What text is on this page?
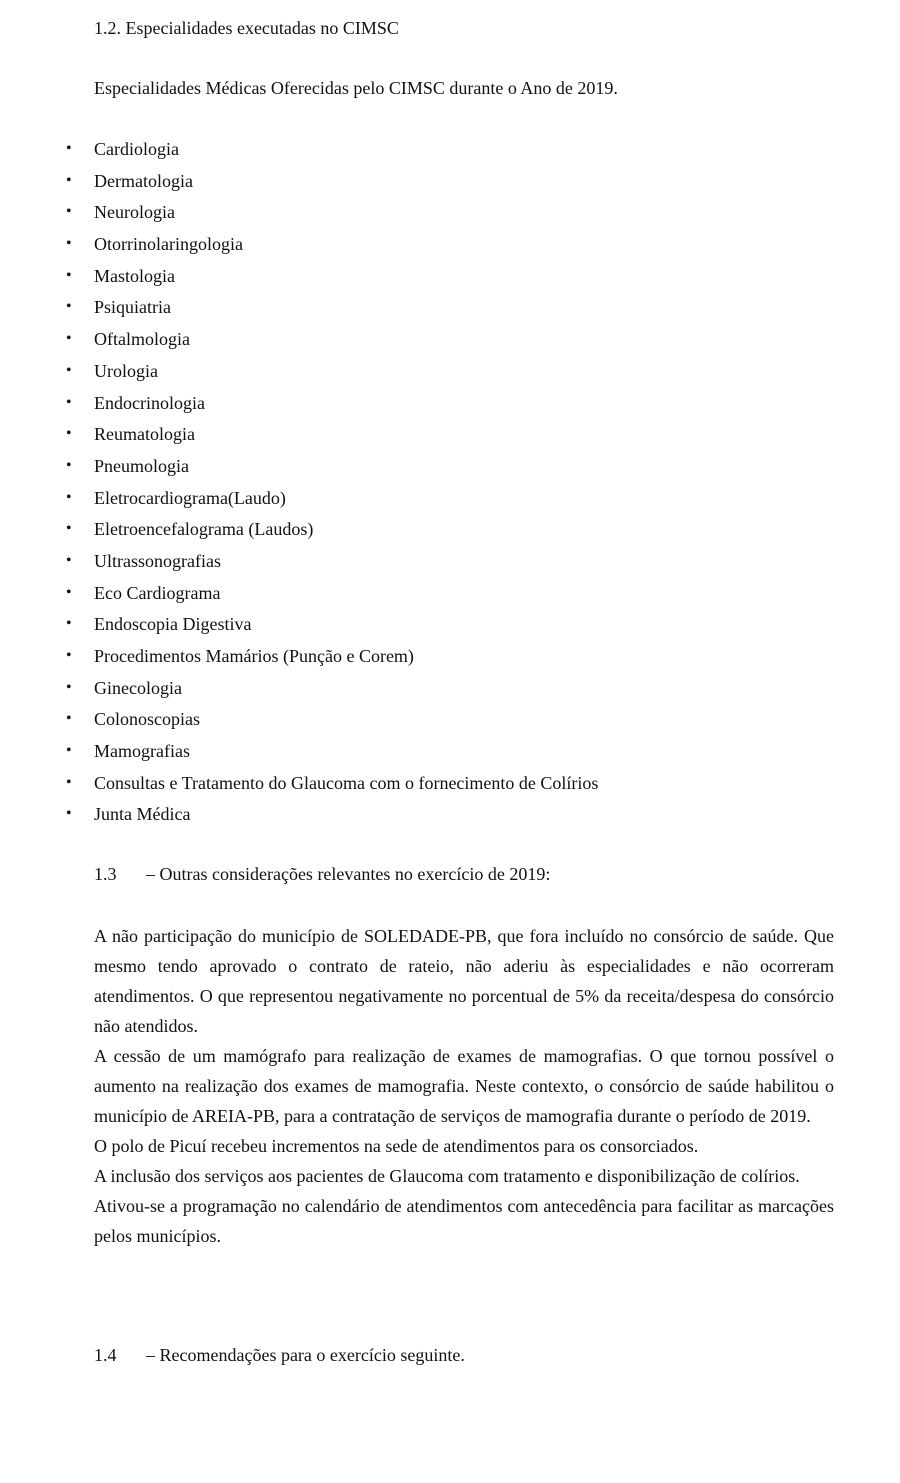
1.2. Especialidades executadas no CIMSC
Especialidades Médicas Oferecidas pelo CIMSC durante o Ano de 2019.
• Cardiologia
• Dermatologia
• Neurologia
• Otorrinolaringologia
• Mastologia
• Psiquiatria
• Oftalmologia
• Urologia
• Endocrinologia
• Reumatologia
• Pneumologia
• Eletrocardiograma(Laudo)
• Eletroencefalograma (Laudos)
• Ultrassonografias
• Eco Cardiograma
• Endoscopia Digestiva
• Procedimentos Mamários (Punção e Corem)
• Ginecologia
• Colonoscopias
• Mamografias
• Consultas e Tratamento do Glaucoma com o fornecimento de Colírios
• Junta Médica
1.3 – Outras considerações relevantes no exercício de 2019:

A não participação do município de SOLEDADE-PB, que fora incluído no consórcio de saúde. Que mesmo tendo aprovado o contrato de rateio, não aderiu às especialidades e não ocorreram atendimentos. O que representou negativamente no porcentual de 5% da receita/despesa do consórcio não atendidos.

A cessão de um mamógrafo para realização de exames de mamografias. O que tornou possível o aumento na realização dos exames de mamografia. Neste contexto, o consórcio de saúde habilitou o município de AREIA-PB, para a contratação de serviços de mamografia durante o período de 2019.

O polo de Picuí recebeu incrementos na sede de atendimentos para os consorciados.

A inclusão dos serviços aos pacientes de Glaucoma com tratamento e disponibilização de colírios.

Ativou-se a programação no calendário de atendimentos com antecedência para facilitar as marcações pelos municípios.

1.4 – Recomendações para o exercício seguinte.
